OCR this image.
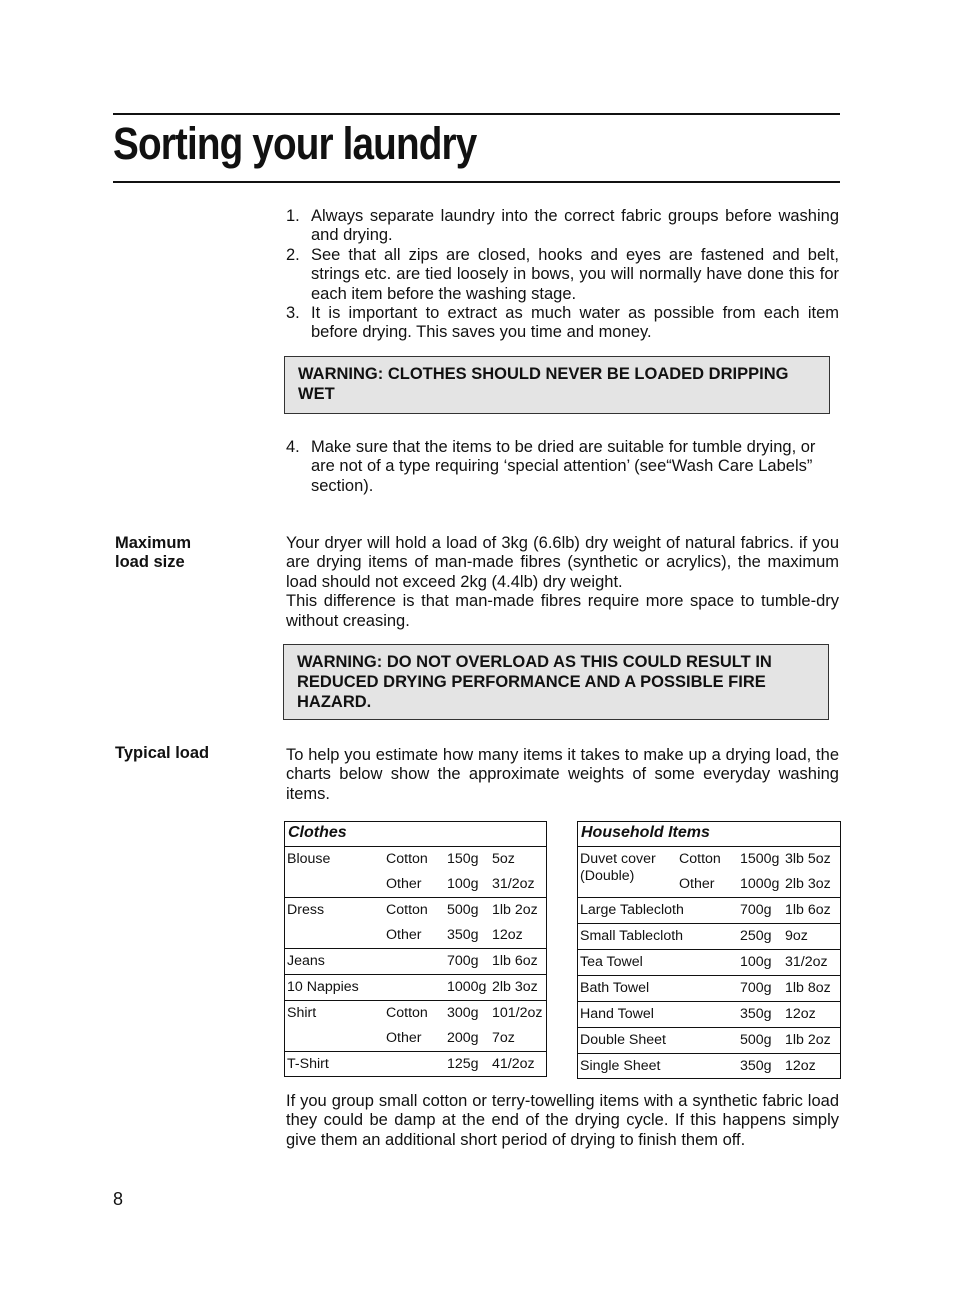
Sorting your laundry
1. Always separate laundry into the correct fabric groups before washing and drying.
2. See that all zips are closed, hooks and eyes are fastened and belt, strings etc. are tied loosely in bows, you will normally have done this for each item before the washing stage.
3. It is important to extract as much water as possible from each item before drying. This saves you time and money.
WARNING: CLOTHES SHOULD NEVER BE LOADED DRIPPING WET
4. Make sure that the items to be dried are suitable for tumble drying, or are not of a type requiring ‘special attention’ (see“Wash Care Labels” section).
Maximum
load size
Your dryer will hold a load of 3kg (6.6lb) dry weight of natural fabrics. if you are drying items of man-made fibres (synthetic or acrylics), the maximum load should not exceed 2kg (4.4lb) dry weight.
This difference is that man-made fibres require more space to tumble-dry without creasing.
WARNING: DO NOT OVERLOAD AS THIS COULD RESULT IN REDUCED DRYING PERFORMANCE AND A POSSIBLE FIRE HAZARD.
Typical load	To help you estimate how many items it takes to make up a drying load, the charts below show the approximate weights of some everyday washing items.
Clothes
Blouse	Cotton 150g 5oz
Other 100g 31/2oz
Dress	Cotton 500g 1lb 2oz
Other 350g 12oz
Jeans	700g 1lb 6oz
10 Nappies	1000g 2lb 3oz
Shirt	Cotton 300g 101/2oz
Other 200g 7oz
T-Shirt	125g 41/2oz
Household Items
Duvet cover
(Double)
Cotton 1500g 3lb 5oz
Other 1000g 2lb 3oz
Large Tablecloth	700g 1lb 6oz
Small Tablecloth	250g 9oz
Tea Towel	100g 31/2oz
Bath Towel	700g 1lb 8oz
Hand Towel	350g 12oz
Double Sheet	500g 1lb 2oz
Single Sheet	350g 12oz
If you group small cotton or terry-towelling items with a synthetic fabric load they could be damp at the end of the drying cycle. If this happens simply give them an additional short period of drying to finish them off.
8
